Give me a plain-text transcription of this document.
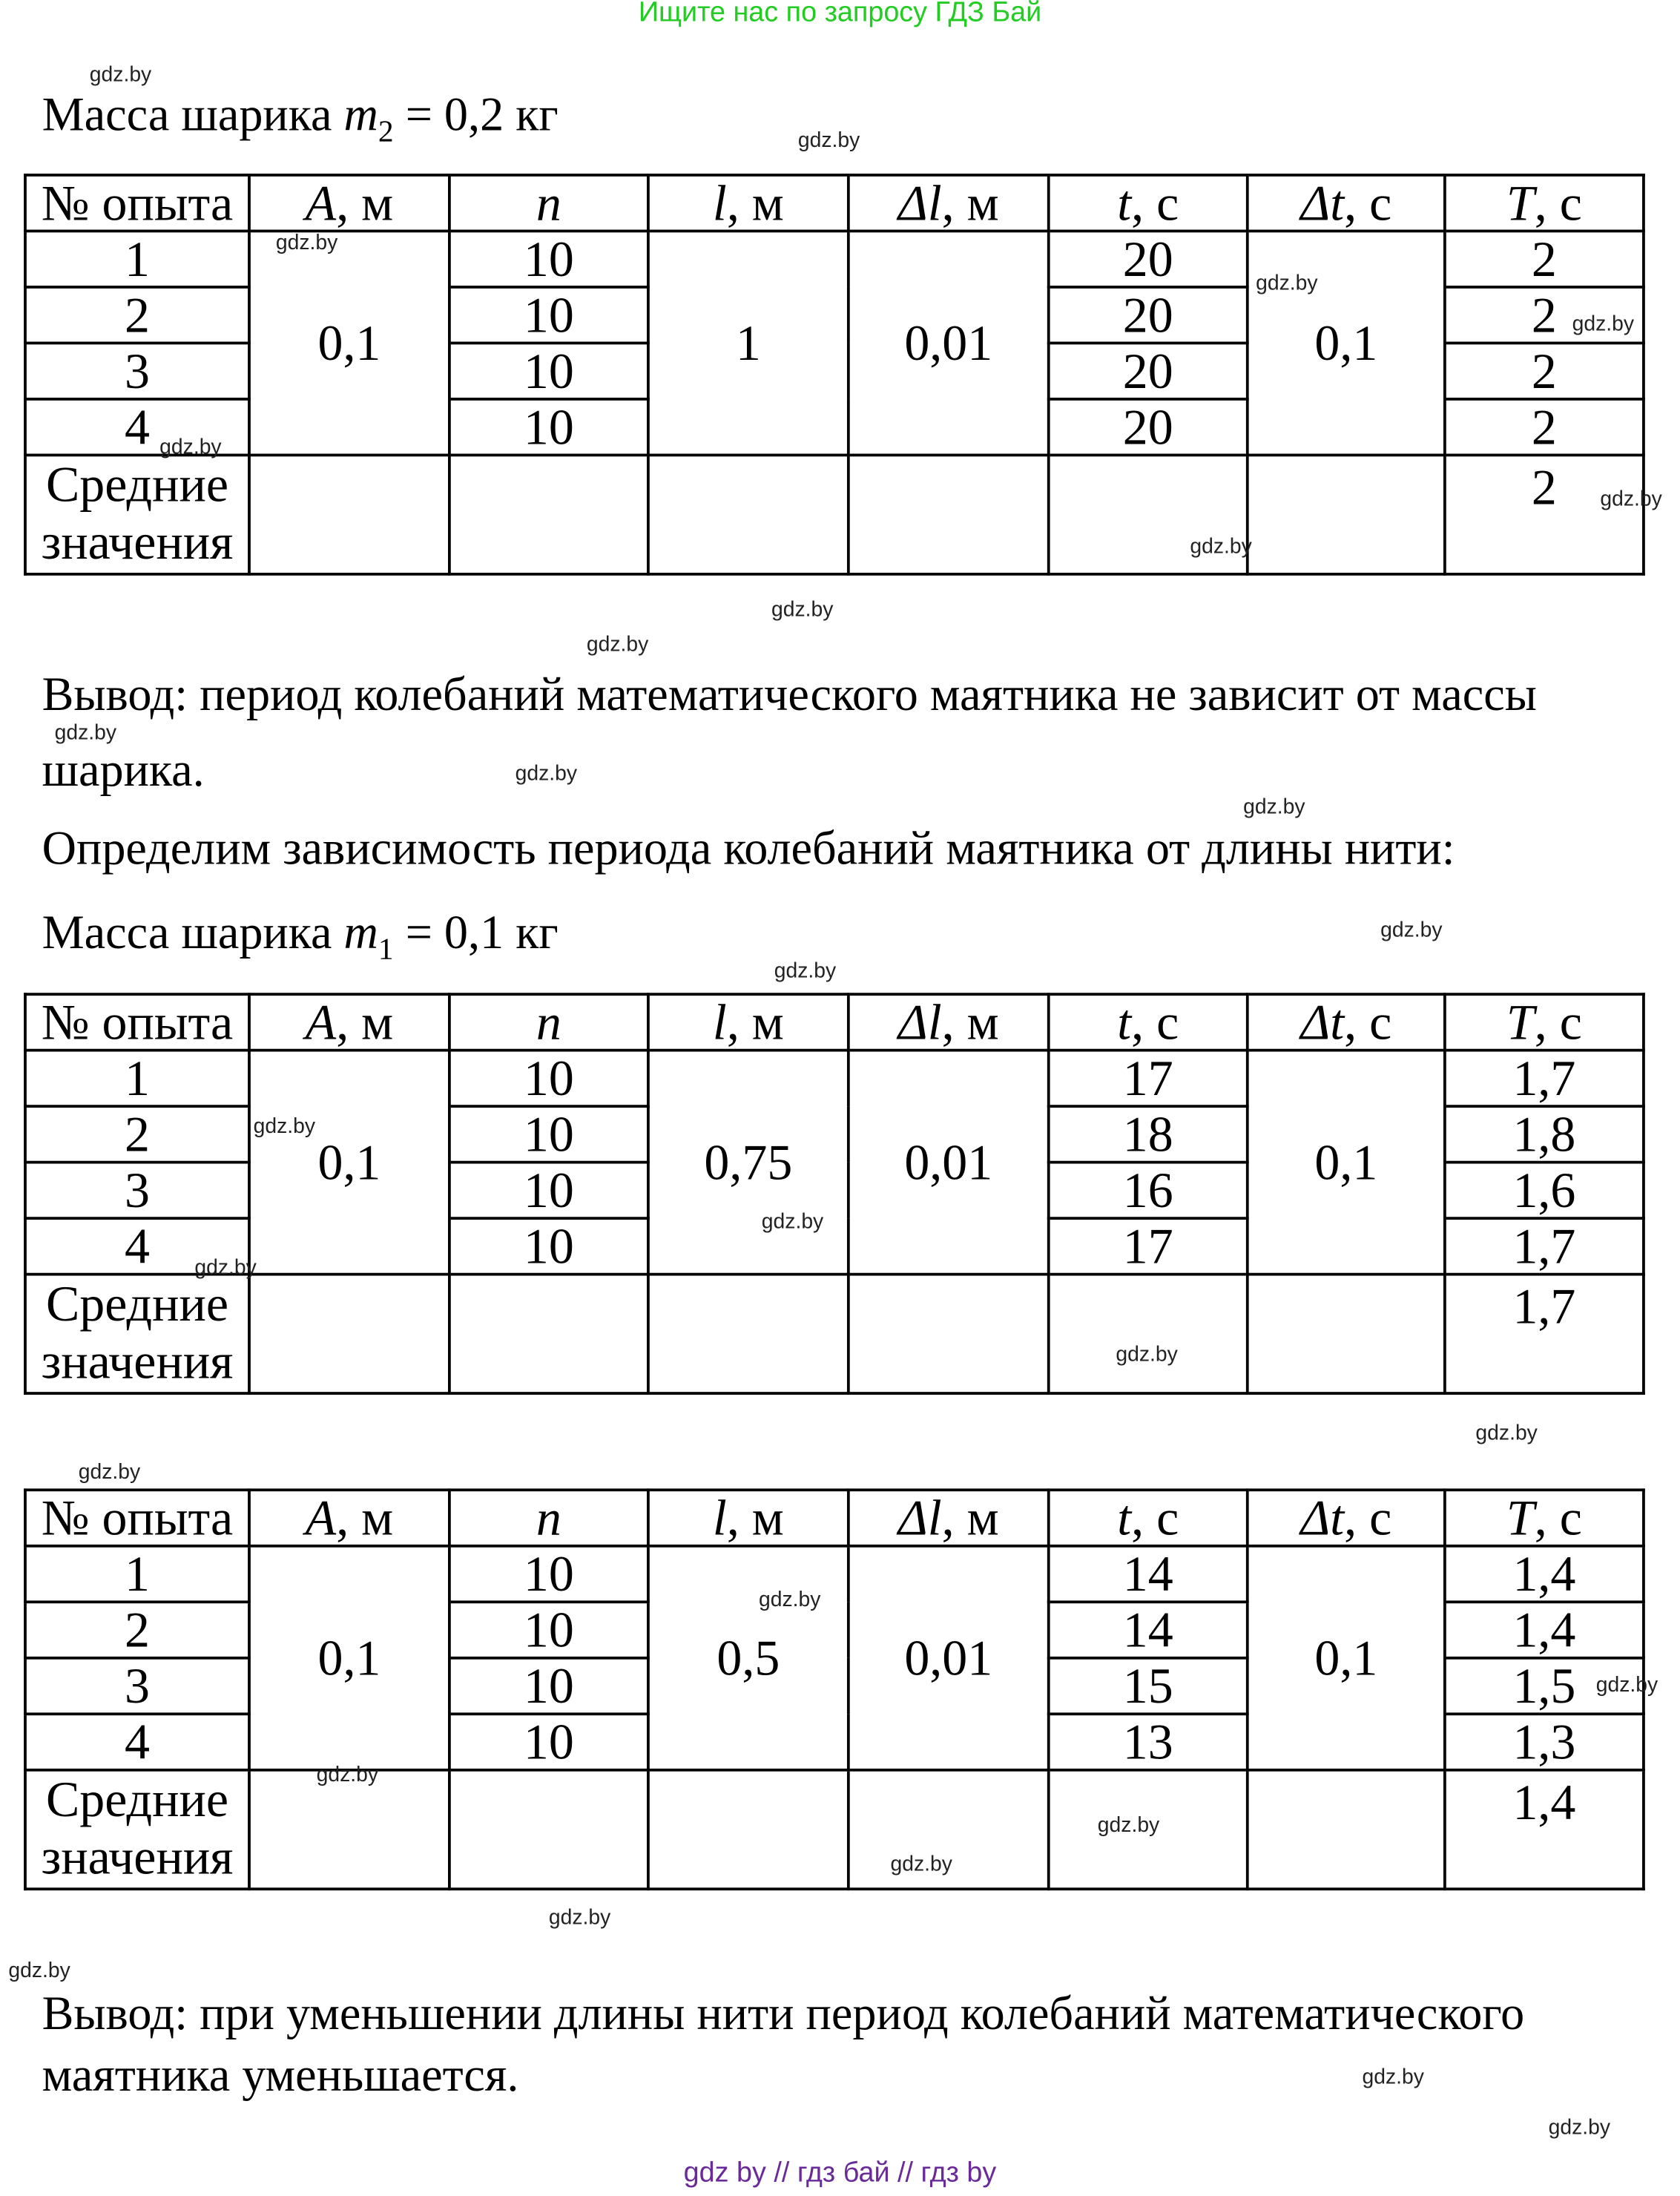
Ищите нас по запросу ГДЗ Бай
Масса шарика $m_2 = 0,2$ кг
№ опыта	A, м	n	l, м	Δl, м	t, с	Δt, с	T, с
1	0,1	10	1	0,01	20	0,1	2
2		10			20		2
3		10			20		2
4		10			20		2
Средние значения							2
Вывод: период колебаний математического маятника не зависит от массы
шарика.
Определим зависимость периода колебаний маятника от длины нити:
Масса шарика $m_1 = 0,1$ кг
№ опыта	A, м	n	l, м	Δl, м	t, с	Δt, с	T, с
1	0,1	10	0,75	0,01	17	0,1	1,7
2		10			18		1,8
3		10			16		1,6
4		10			17		1,7
Средние значения							1,7
№ опыта	A, м	n	l, м	Δl, м	t, с	Δt, с	T, с
1	0,1	10	0,5	0,01	14	0,1	1,4
2		10			14		1,4
3		10			15		1,5
4		10			13		1,3
Средние значения							1,4
Вывод: при уменьшении длины нити период колебаний математического
маятника уменьшается.
gdz by // гдз бай // гдз by
gdz.by
gdz.by
gdz.by
gdz.by
gdz.by
gdz.by
gdz.by
gdz.by
gdz.by
gdz.by
gdz.by
gdz.by
gdz.by
gdz.by
gdz.by
gdz.by
gdz.by
gdz.by
gdz.by
gdz.by
gdz.by
gdz.by
gdz.by
gdz.by
gdz.by
gdz.by
gdz.by
gdz.by
gdz.by
gdz.by
